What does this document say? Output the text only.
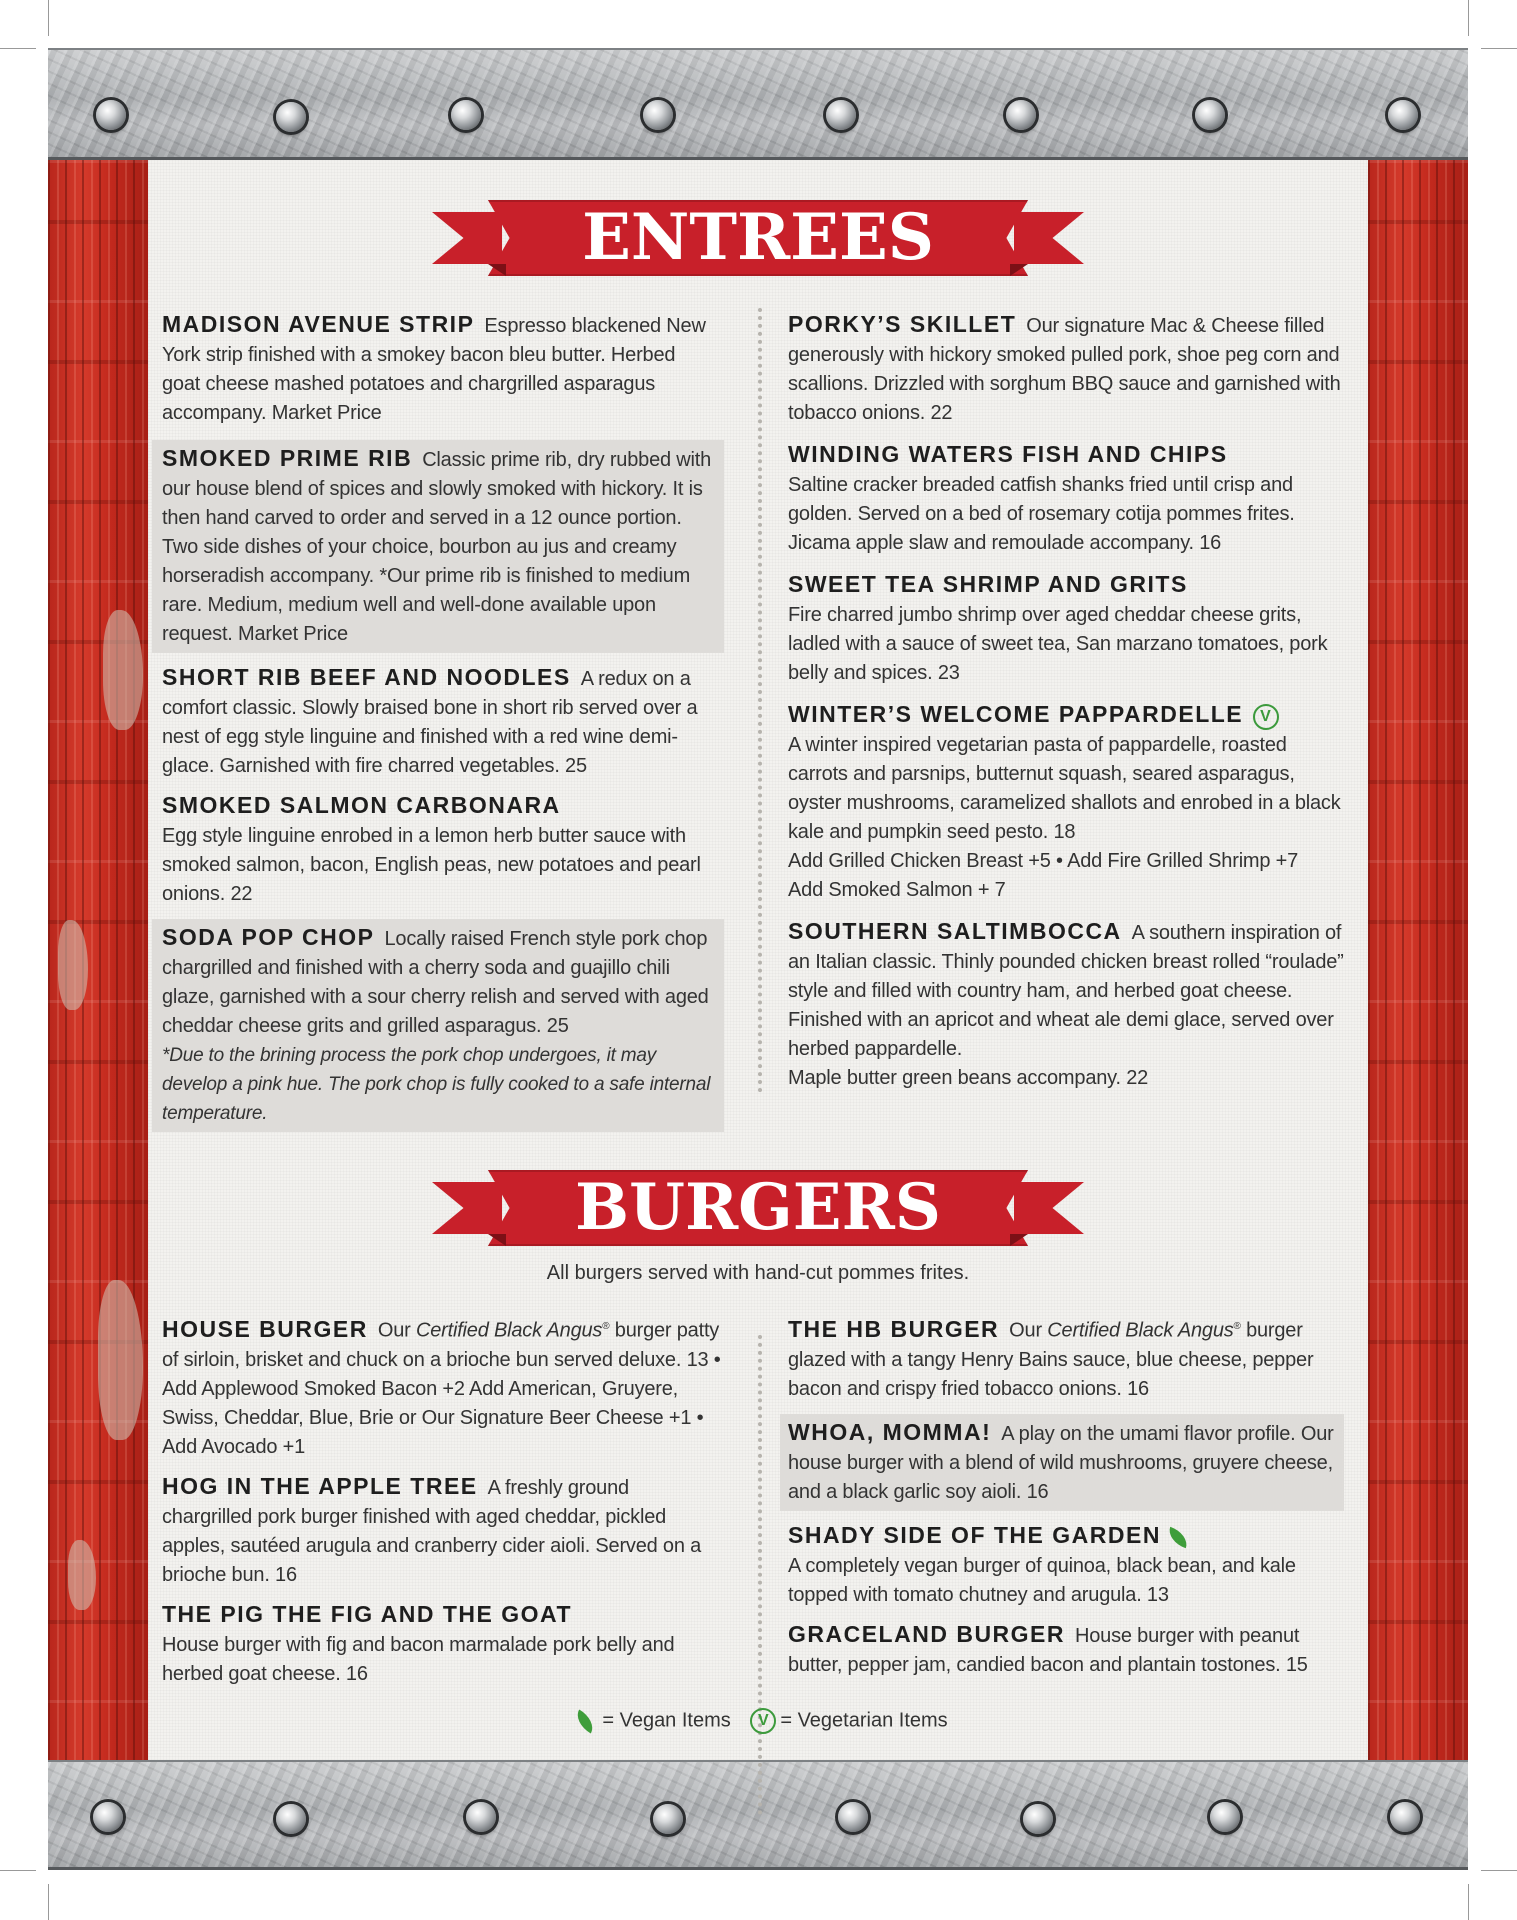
ENTREES
MADISON AVENUE STRIP Espresso blackened New York strip finished with a smokey bacon bleu butter. Herbed goat cheese mashed potatoes and chargrilled asparagus accompany. Market Price
SMOKED PRIME RIB Classic prime rib, dry rubbed with our house blend of spices and slowly smoked with hickory. It is then hand carved to order and served in a 12 ounce portion. Two side dishes of your choice, bourbon au jus and creamy horseradish accompany. *Our prime rib is finished to medium rare. Medium, medium well and well-done available upon request. Market Price
SHORT RIB BEEF AND NOODLES A redux on a comfort classic. Slowly braised bone in short rib served over a nest of egg style linguine and finished with a red wine demi-glace. Garnished with fire charred vegetables. 25
SMOKED SALMON CARBONARA
Egg style linguine enrobed in a lemon herb butter sauce with smoked salmon, bacon, English peas, new potatoes and pearl onions. 22
SODA POP CHOP Locally raised French style pork chop chargrilled and finished with a cherry soda and guajillo chili glaze, garnished with a sour cherry relish and served with aged cheddar cheese grits and grilled asparagus. 25
*Due to the brining process the pork chop undergoes, it may develop a pink hue. The pork chop is fully cooked to a safe internal temperature.
PORKY’S SKILLET Our signature Mac & Cheese filled generously with hickory smoked pulled pork, shoe peg corn and scallions. Drizzled with sorghum BBQ sauce and garnished with tobacco onions. 22
WINDING WATERS FISH AND CHIPS
Saltine cracker breaded catfish shanks fried until crisp and golden. Served on a bed of rosemary cotija pommes frites. Jicama apple slaw and remoulade accompany. 16
SWEET TEA SHRIMP AND GRITS
Fire charred jumbo shrimp over aged cheddar cheese grits, ladled with a sauce of sweet tea, San marzano tomatoes, pork belly and spices. 23
WINTER’S WELCOME PAPPARDELLE V
A winter inspired vegetarian pasta of pappardelle, roasted carrots and parsnips, butternut squash, seared asparagus, oyster mushrooms, caramelized shallots and enrobed in a black kale and pumpkin seed pesto. 18
Add Grilled Chicken Breast +5 • Add Fire Grilled Shrimp +7
Add Smoked Salmon + 7
SOUTHERN SALTIMBOCCA A southern inspiration of an Italian classic. Thinly pounded chicken breast rolled “roulade” style and filled with country ham, and herbed goat cheese. Finished with an apricot and wheat ale demi glace, served over herbed pappardelle.
Maple butter green beans accompany. 22
BURGERS
All burgers served with hand-cut pommes frites.
HOUSE BURGER Our Certified Black Angus® burger patty of sirloin, brisket and chuck on a brioche bun served deluxe. 13 • Add Applewood Smoked Bacon +2 Add American, Gruyere, Swiss, Cheddar, Blue, Brie or Our Signature Beer Cheese +1 • Add Avocado +1
HOG IN THE APPLE TREE A freshly ground chargrilled pork burger finished with aged cheddar, pickled apples, sautéed arugula and cranberry cider aioli. Served on a brioche bun. 16
THE PIG THE FIG AND THE GOAT
House burger with fig and bacon marmalade pork belly and herbed goat cheese. 16
THE HB BURGER Our Certified Black Angus® burger glazed with a tangy Henry Bains sauce, blue cheese, pepper bacon and crispy fried tobacco onions. 16
WHOA, MOMMA! A play on the umami flavor profile. Our house burger with a blend of wild mushrooms, gruyere cheese, and a black garlic soy aioli. 16
SHADY SIDE OF THE GARDEN
A completely vegan burger of quinoa, black bean, and kale topped with tomato chutney and arugula. 13
GRACELAND BURGER House burger with peanut butter, pepper jam, candied bacon and plantain tostones. 15
= Vegan Items V = Vegetarian Items
